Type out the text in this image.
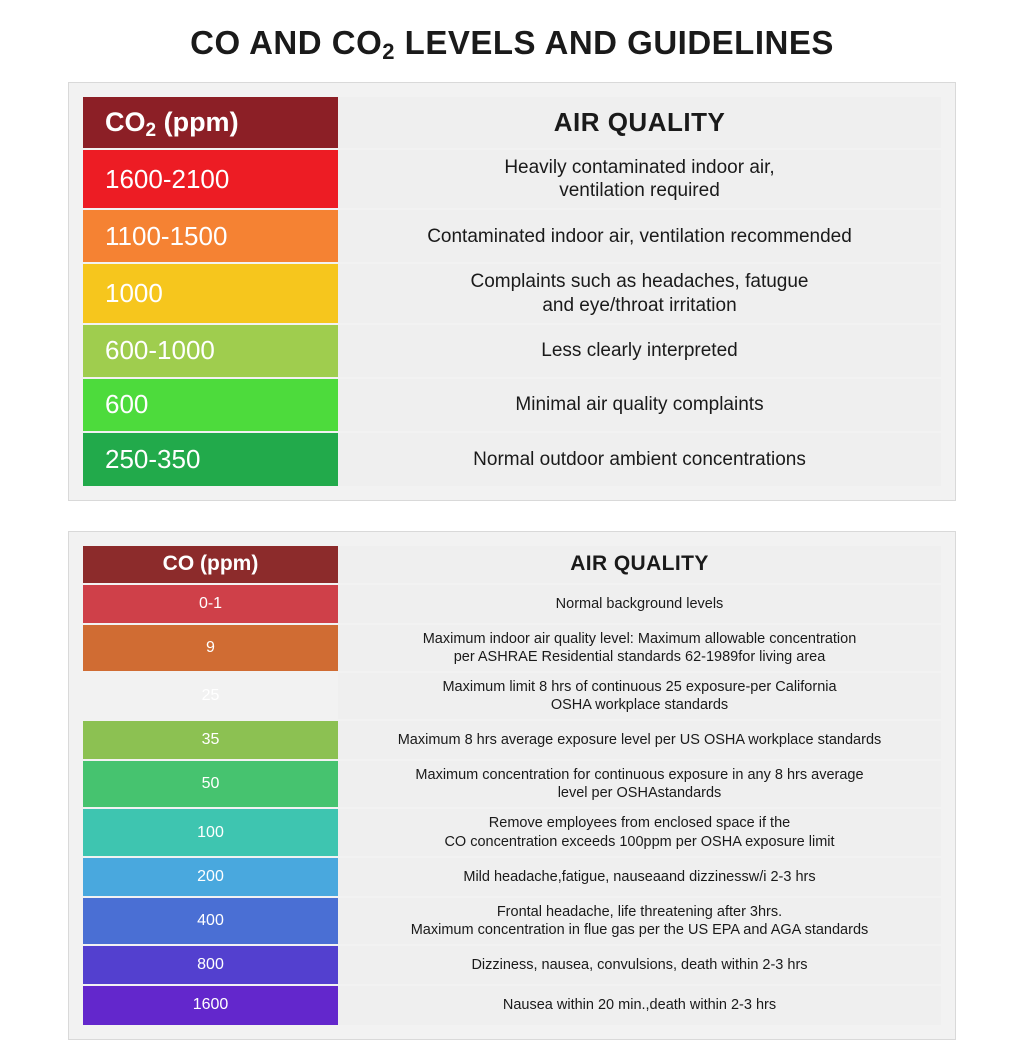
CO AND $CO_2$ LEVELS AND GUIDELINES
$CO_2$ (ppm)	AIR QUALITY
1600-2100	Heavily contaminated indoor air,
ventilation required

1100-1500	Contaminated indoor air, ventilation recommended

1000	Complaints such as headaches, fatugue
and eye/throat irritation

600-1000	Less clearly interpreted

600	Minimal air quality complaints

250-350	Normal outdoor ambient concentrations
CO (ppm)	AIR QUALITY
0-1	Normal background levels

9	Maximum indoor air quality level: Maximum allowable concentration
per ASHRAE Residential standards 62-1989for living area

25	Maximum limit 8 hrs of continuous 25 exposure-per California
OSHA workplace standards

35	Maximum 8 hrs average exposure level per US OSHA workplace standards

50	Maximum concentration for continuous exposure in any 8 hrs average
level per OSHAstandards

100	Remove employees from enclosed space if the
CO concentration exceeds 100ppm per OSHA exposure limit

200	Mild headache,fatigue, nauseaand dizzinessw/i 2-3 hrs

400	Frontal headache, life threatening after 3hrs.
Maximum concentration in flue gas per the US EPA and AGA standards

800	Dizziness, nausea, convulsions, death within 2-3 hrs

1600	Nausea within 20 min.,death within 2-3 hrs
